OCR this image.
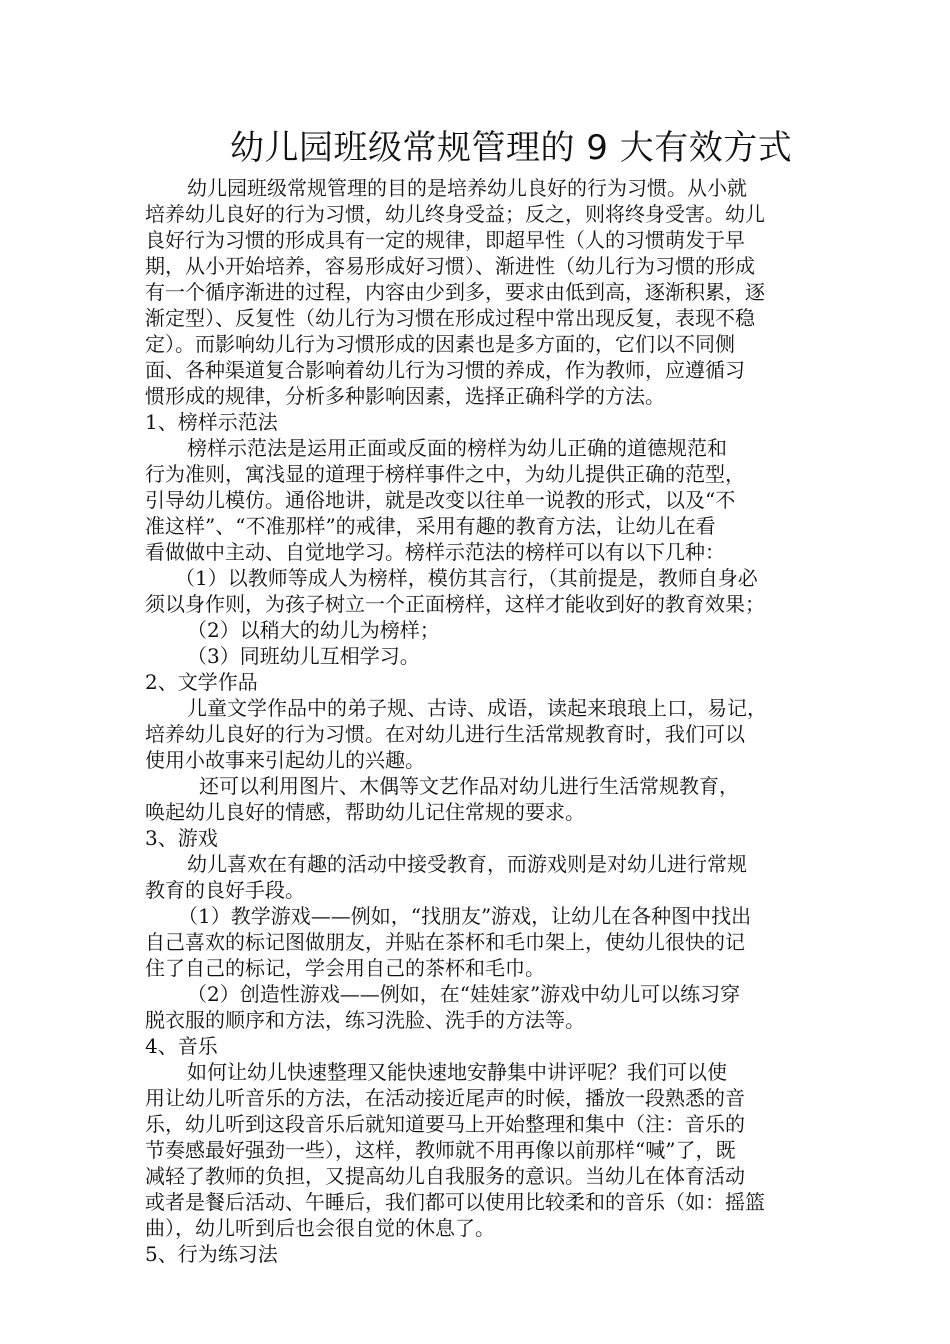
幼儿园班级常规管理的 9 大有效方式
幼儿园班级常规管理的目的是培养幼儿良好的行为习惯。从小就
培养幼儿良好的行为习惯，幼儿终身受益；反之，则将终身受害。幼儿
良好行为习惯的形成具有一定的规律，即超早性（人的习惯萌发于早
期，从小开始培养，容易形成好习惯）、渐进性（幼儿行为习惯的形成
有一个循序渐进的过程，内容由少到多，要求由低到高，逐渐积累，逐
渐定型）、反复性（幼儿行为习惯在形成过程中常出现反复，表现不稳
定）。而影响幼儿行为习惯形成的因素也是多方面的，它们以不同侧
面、各种渠道复合影响着幼儿行为习惯的养成，作为教师，应遵循习
惯形成的规律，分析多种影响因素，选择正确科学的方法。
1、榜样示范法
榜样示范法是运用正面或反面的榜样为幼儿正确的道德规范和
行为准则，寓浅显的道理于榜样事件之中，为幼儿提供正确的范型，
引导幼儿模仿。通俗地讲，就是改变以往单一说教的形式，以及“不
准这样”、“不准那样”的戒律，采用有趣的教育方法，让幼儿在看
看做做中主动、自觉地学习。榜样示范法的榜样可以有以下几种：
（1）以教师等成人为榜样，模仿其言行，（其前提是，教师自身必
须以身作则，为孩子树立一个正面榜样，这样才能收到好的教育效果；
（2）以稍大的幼儿为榜样；
（3）同班幼儿互相学习。
2、文学作品
儿童文学作品中的弟子规、古诗、成语，读起来琅琅上口，易记，
培养幼儿良好的行为习惯。在对幼儿进行生活常规教育时，我们可以
使用小故事来引起幼儿的兴趣。
还可以利用图片、木偶等文艺作品对幼儿进行生活常规教育，
唤起幼儿良好的情感，帮助幼儿记住常规的要求。
3、游戏
幼儿喜欢在有趣的活动中接受教育，而游戏则是对幼儿进行常规
教育的良好手段。
（1）教学游戏——例如，“找朋友”游戏，让幼儿在各种图中找出
自己喜欢的标记图做朋友，并贴在茶杯和毛巾架上，使幼儿很快的记
住了自己的标记，学会用自己的茶杯和毛巾。
（2）创造性游戏——例如，在“娃娃家”游戏中幼儿可以练习穿
脱衣服的顺序和方法，练习洗脸、洗手的方法等。
4、音乐
如何让幼儿快速整理又能快速地安静集中讲评呢？我们可以使
用让幼儿听音乐的方法，在活动接近尾声的时候，播放一段熟悉的音
乐，幼儿听到这段音乐后就知道要马上开始整理和集中（注：音乐的
节奏感最好强劲一些），这样，教师就不用再像以前那样“喊”了，既
减轻了教师的负担，又提高幼儿自我服务的意识。当幼儿在体育活动
或者是餐后活动、午睡后，我们都可以使用比较柔和的音乐（如：摇篮
曲），幼儿听到后也会很自觉的休息了。
5、行为练习法
